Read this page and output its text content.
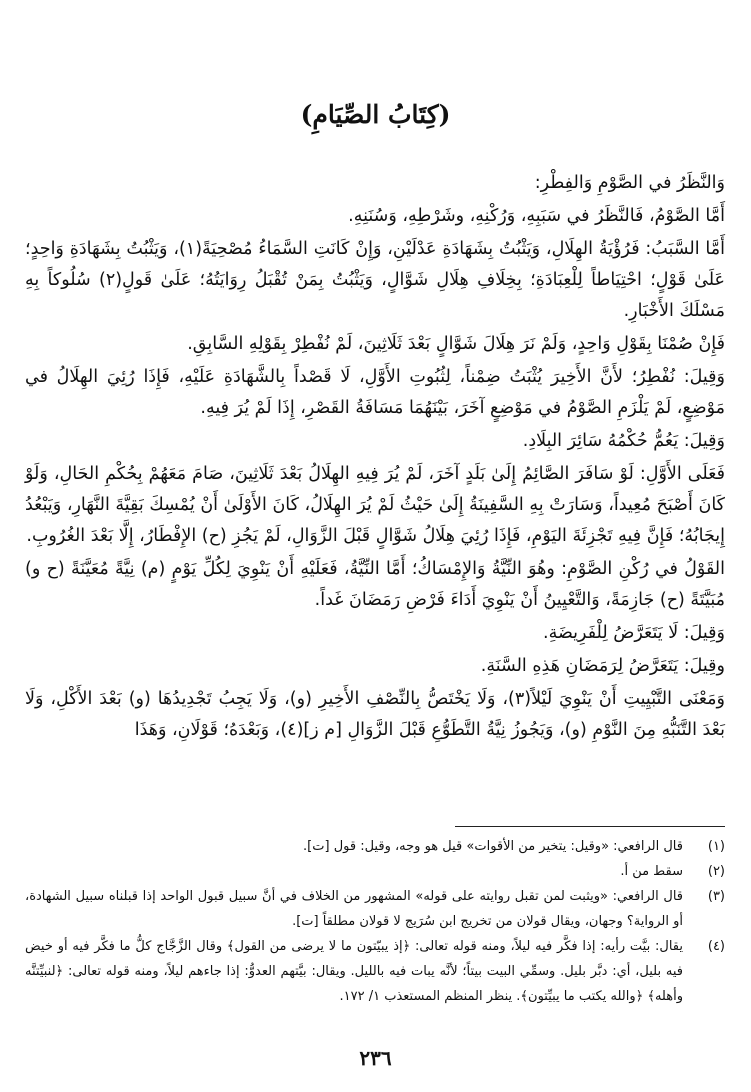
(كِتَابُ الصِّيَامِ)

وَالنَّظَرُ في الصَّوْمِ وَالفِطْرِ:

أَمَّا الصَّوْمُ، فَالنَّظَرُ في سَبَبِهِ، وَرُكْنِهِ، وشَرْطِهِ، وَسُنَنِهِ.

أَمَّا السَّبَبُ: فَرُؤْيَةُ الهِلَالِ، وَيَثْبُتُ بِشَهَادَةِ عَدْلَيْنِ، وَإِنْ كَانَتِ السَّمَاءُ مُصْحِيَةً(١)، وَيَثْبُتُ بِشَهَادَةِ وَاحِدٍ؛ عَلَىٰ قَوْلٍ؛ احْتِيَاطاً لِلْعِبَادَةِ؛ بِخِلَافِ هِلَالِ شَوَّالٍ، وَيَثْبُتُ بِمَنْ تُقْبَلُ رِوَايَتُهُ؛ عَلَىٰ قَولٍ(٢) سُلُوكاً بِهِ مَسْلَكَ الأَخْبَارِ.

فَإِنْ صُمْنَا بِقَوْلِ وَاحِدٍ، وَلَمْ نَرَ هِلَالَ شَوَّالٍ بَعْدَ ثَلَاثِينَ، لَمْ نُفْطِرْ بِقَوْلِهِ السَّابِقِ.

وَقِيلَ: نُفْطِرُ؛ لأَنَّ الأَخِيرَ يُثْبَتُ ضِمْناً، لِثُبُوتِ الأَوَّلِ، لَا قَصْداً بِالشَّهَادَةِ عَلَيْهِ، فَإِذَا رُئِيَ الهِلَالُ في مَوْضِعٍ، لَمْ يَلْزَمِ الصَّوْمُ في مَوْضِعٍ آخَرَ، بَيْنَهُمَا مَسَافَةُ القَصْرِ، إِذَا لَمْ يُرَ فِيهِ.

وَقِيلَ: يَعُمُّ حُكْمُهُ سَائِرَ البِلَادِ.

فَعَلَى الأَوَّلِ: لَوْ سَافَرَ الصَّائِمُ إِلَىٰ بَلَدٍ آخَرَ، لَمْ يُرَ فِيهِ الهِلَالُ بَعْدَ ثَلَاثِينَ، صَامَ مَعَهُمْ بِحُكْمِ الحَالِ، وَلَوْ كَانَ أَصْبَحَ مُعِيداً، وَسَارَتْ بِهِ السَّفِينَةُ إِلَىٰ حَيْثُ لَمْ يُرَ الهِلَالُ، كَانَ الأَوْلَىٰ أَنْ يُمْسِكَ بَقِيَّةَ النَّهَارِ، وَيَبْعُدُ إِيجَابُهُ؛ فَإِنَّ فِيهِ تَجْزِئَةَ اليَوْمِ، فَإِذَا رُئِيَ هِلَالُ شَوَّالٍ قَبْلَ الزَّوَالِ، لَمْ يَجُزِ (ح) الإِفْطَارُ، إِلَّا بَعْدَ الغُرُوبِ.

القَوْلُ في رُكْنِ الصَّوْمِ: وهُوَ النِّيَّةُ وَالإِمْسَاكُ؛ أَمَّا النِّيَّةُ، فَعَلَيْهِ أَنْ يَنْوِيَ لِكُلِّ يَوْمٍ (م) نِيَّةً مُعَيَّنَةً (ح و) مُبَيَّتَةً (ح) جَازِمَةً، وَالتَّعْيِينُ أَنْ يَنْوِيَ أَدَاءَ فَرْضِ رَمَضَانَ غَداً.

وَقِيلَ: لَا يَتَعَرَّضُ لِلْفَرِيضَةِ.

وقِيلَ: يَتَعَرَّضُ لِرَمَضَانِ هَذِهِ السَّنَةِ.

وَمَعْنَى التَّبْيِيتِ أَنْ يَنْوِيَ لَيْلاً(٣)، وَلَا يَخْتَصُّ بِالنِّصْفِ الأَخِيرِ (و)، وَلَا يَجِبُ تَجْدِيدُهَا (و) بَعْدَ الأَكْلِ، وَلَا بَعْدَ التَّنَبُّهِ مِنَ النَّوْمِ (و)، وَيَجُوزُ نِيَّةُ التَّطَوُّعِ قَبْلَ الزَّوَالِ [م ز](٤)، وَبَعْدَهُ؛ قَوْلَانِ، وَهَذَا

(١)
قال الرافعي: «وقيل: يتخير من الأقوات» قيل هو وجه، وقيل: قول [ت].
(٢)
سقط من أ.
(٣)
قال الرافعي: «ويثبت لمن تقبل روايته على قوله» المشهور من الخلاف في أنَّ سبيل قبول الواحد إذا قبلناه سبيل الشهادة، أو الرواية؟ وجهان، ويقال قولان من تخريج ابن سُرَيج لا قولان مطلقاً [ت].
(٤)
يقال: بيَّت رأيه: إذا فكَّر فيه ليلاً، ومنه قوله تعالى: ﴿إذ يبيّتون ما لا يرضى من القول﴾ وقال الزَّجَّاج كلُّ ما فكَّر فيه أو خيض فيه بليل، أي: دبَّر بليل. وسمِّي البيت بيتاً؛ لأنَّه يبات فيه بالليل. ويقال: بيَّتهم العدوُّ: إذا جاءهم ليلاً، ومنه قوله تعالى: ﴿لنبيِّتنَّه وأهله﴾ ﴿والله يكتب ما يبيِّتون﴾. ينظر المنظم المستعذب ١/ ١٧٢.
٢٣٦
